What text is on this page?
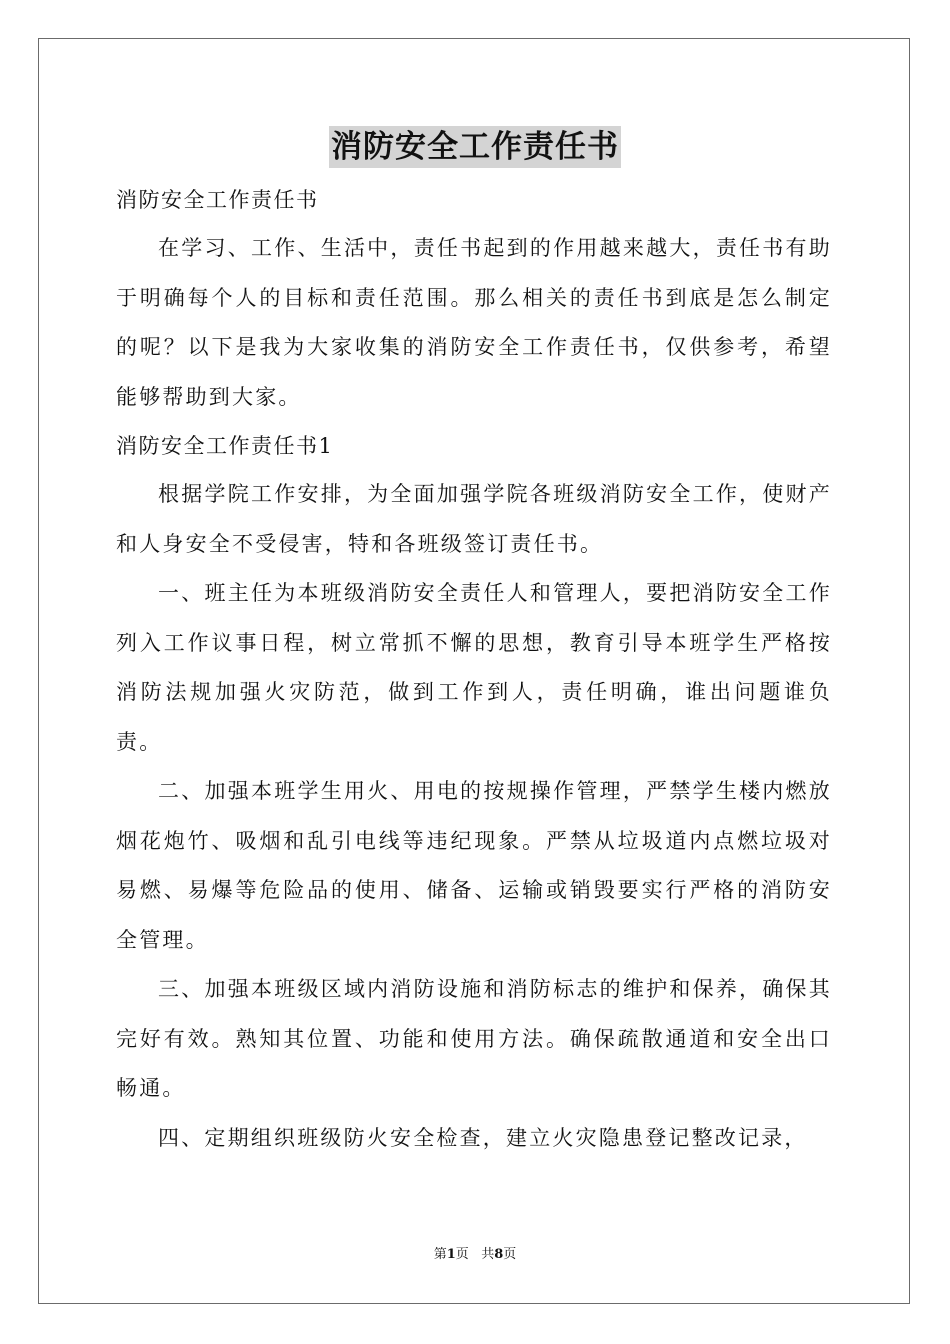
消防安全工作责任书
消防安全工作责任书

在学习、工作、生活中，责任书起到的作用越来越大，责任书有助于明确每个人的目标和责任范围。那么相关的责任书到底是怎么制定的呢？以下是我为大家收集的消防安全工作责任书，仅供参考，希望能够帮助到大家。

消防安全工作责任书1

根据学院工作安排，为全面加强学院各班级消防安全工作，使财产和人身安全不受侵害，特和各班级签订责任书。

一、班主任为本班级消防安全责任人和管理人，要把消防安全工作列入工作议事日程，树立常抓不懈的思想，教育引导本班学生严格按消防法规加强火灾防范，做到工作到人，责任明确，谁出问题谁负责。

二、加强本班学生用火、用电的按规操作管理，严禁学生楼内燃放烟花炮竹、吸烟和乱引电线等违纪现象。严禁从垃圾道内点燃垃圾对易燃、易爆等危险品的使用、储备、运输或销毁要实行严格的消防安全管理。

三、加强本班级区域内消防设施和消防标志的维护和保养，确保其完好有效。熟知其位置、功能和使用方法。确保疏散通道和安全出口畅通。

四、定期组织班级防火安全检查，建立火灾隐患登记整改记录，

第1页 共8页
